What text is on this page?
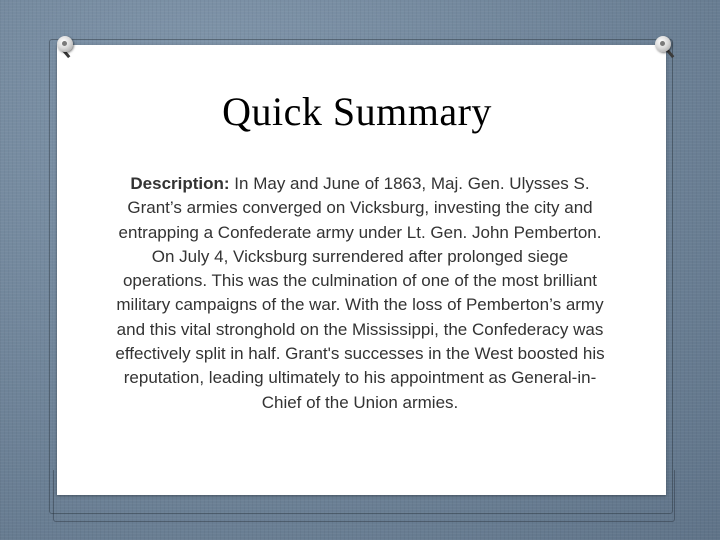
Quick Summary
Description: In May and June of 1863, Maj. Gen. Ulysses S. Grant’s armies converged on Vicksburg, investing the city and entrapping a Confederate army under Lt. Gen. John Pemberton. On July 4, Vicksburg surrendered after prolonged siege operations. This was the culmination of one of the most brilliant military campaigns of the war. With the loss of Pemberton’s army and this vital stronghold on the Mississippi, the Confederacy was effectively split in half. Grant's successes in the West boosted his reputation, leading ultimately to his appointment as General-in-Chief of the Union armies.
